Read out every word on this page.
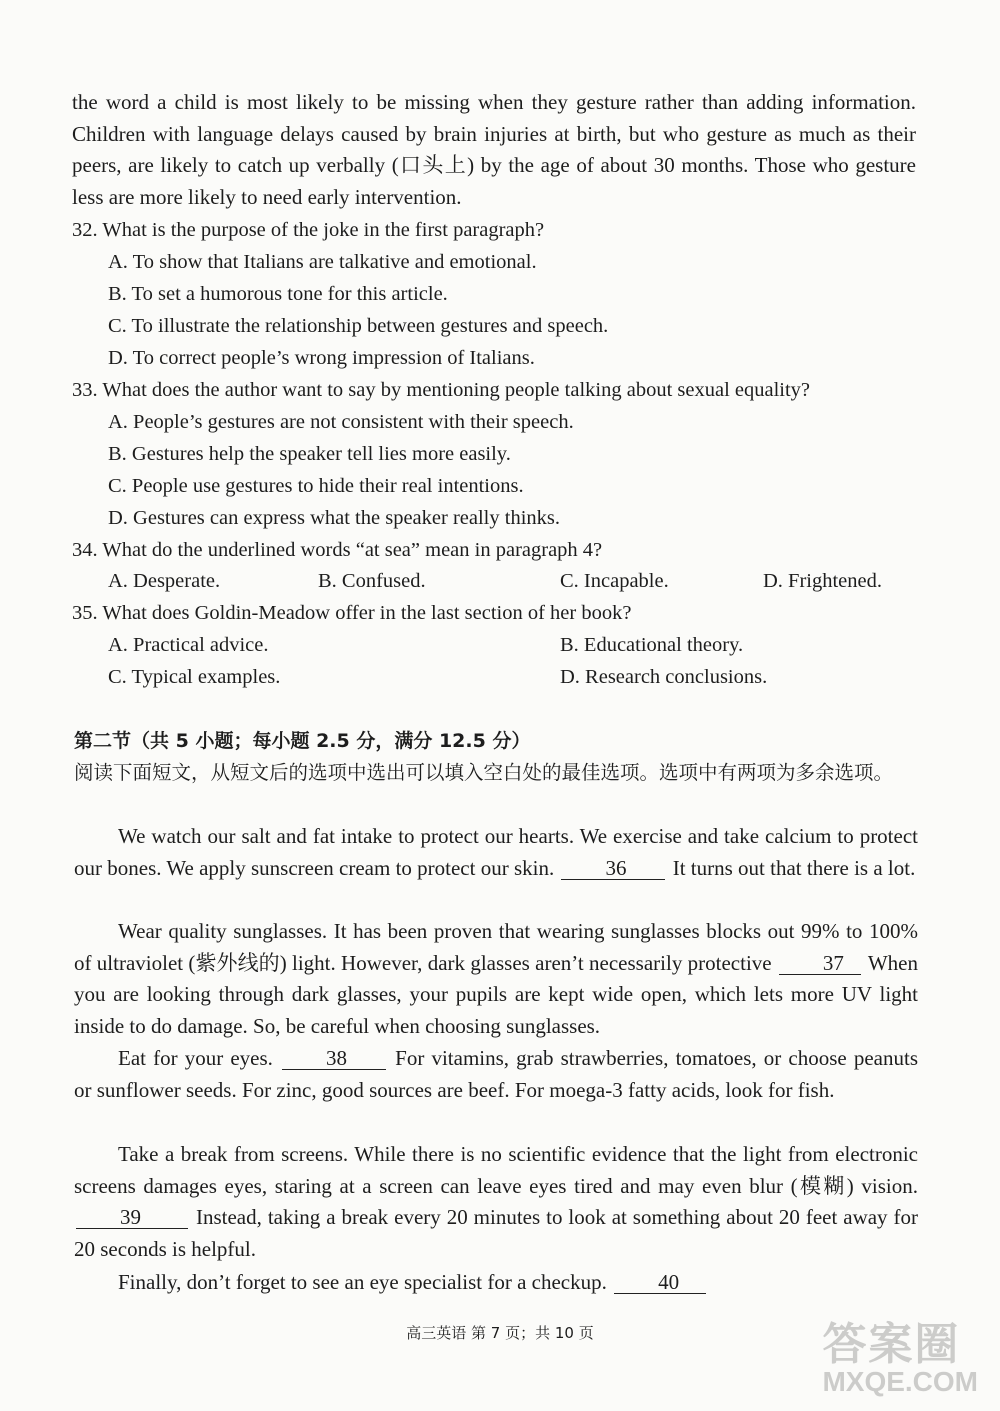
the word a child is most likely to be missing when they gesture rather than adding information. Children with language delays caused by brain injuries at birth, but who gesture as much as their peers, are likely to catch up verbally (口头上) by the age of about 30 months. Those who gesture less are more likely to need early intervention.

32. What is the purpose of the joke in the first paragraph?
A. To show that Italians are talkative and emotional.
B. To set a humorous tone for this article.
C. To illustrate the relationship between gestures and speech.
D. To correct people’s wrong impression of Italians.
33. What does the author want to say by mentioning people talking about sexual equality?
A. People’s gestures are not consistent with their speech.
B. Gestures help the speaker tell lies more easily.
C. People use gestures to hide their real intentions.
D. Gestures can express what the speaker really thinks.
34. What do the underlined words “at sea” mean in paragraph 4?
A. Desperate.	B. Confused.	C. Incapable.	D. Frightened.
35. What does Goldin-Meadow offer in the last section of her book?
A. Practical advice.	B. Educational theory.
C. Typical examples.	D. Research conclusions.
第二节（共 5 小题；每小题 2.5 分，满分 12.5 分）

阅读下面短文，从短文后的选项中选出可以填入空白处的最佳选项。选项中有两项为多余选项。

We watch our salt and fat intake to protect our hearts. We exercise and take calcium to protect our bones. We apply sunscreen cream to protect our skin. 36 It turns out that there is a lot.

Wear quality sunglasses. It has been proven that wearing sunglasses blocks out 99% to 100% of ultraviolet (紫外线的) light. However, dark glasses aren’t necessarily protective 37 When you are looking through dark glasses, your pupils are kept wide open, which lets more UV light inside to do damage. So, be careful when choosing sunglasses.

Eat for your eyes.	38 For vitamins, grab strawberries, tomatoes, or choose peanuts or sunflower seeds. For zinc, good sources are beef. For moega-3 fatty acids, look for fish.

Take a break from screens. While there is no scientific evidence that the light from electronic screens damages eyes, staring at a screen can leave eyes tired and may even blur (模糊) vision. 39	Instead, taking a break every 20 minutes to look at something about 20 feet away for 20 seconds is helpful.

Finally, don’t forget to see an eye specialist for a checkup. 40

高三英语 第 7 页；共 10 页	答案圈
MXQE.COM
